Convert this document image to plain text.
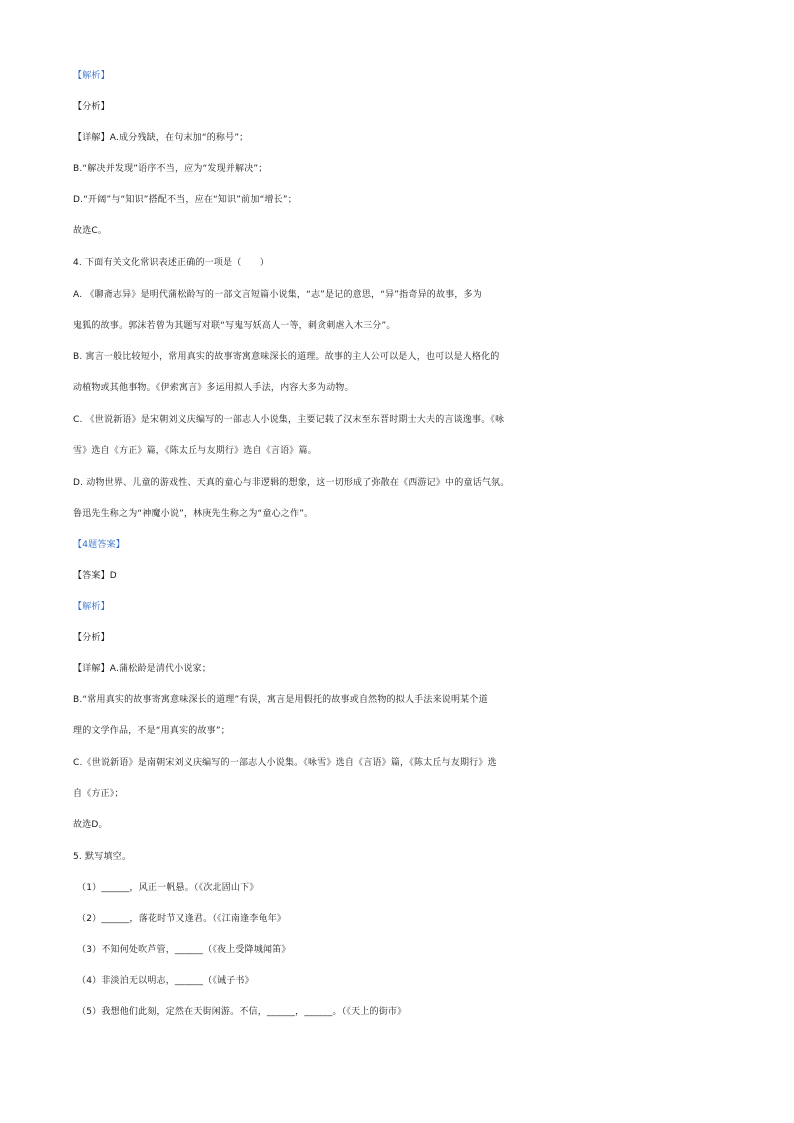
【解析】
【分析】
【详解】A.成分残缺，在句末加“的称号”；
B.“解决并发现”语序不当，应为“发现并解决”；
D.“开阔”与“知识”搭配不当，应在“知识”前加“增长”；
故选C。
4. 下面有关文化常识表述正确的一项是（　　）
A. 《聊斋志异》是明代蒲松龄写的一部文言短篇小说集，“志”是记的意思，“异”指奇异的故事，多为
鬼狐的故事。郭沫若曾为其题写对联“写鬼写妖高人一等，刺贪刺虐入木三分”。
B. 寓言一般比较短小，常用真实的故事寄寓意味深长的道理。故事的主人公可以是人，也可以是人格化的
动植物或其他事物。《伊索寓言》多运用拟人手法，内容大多为动物。
C. 《世说新语》是宋朝刘义庆编写的一部志人小说集，主要记载了汉末至东晋时期士大夫的言谈逸事。《咏
雪》选自《方正》篇，《陈太丘与友期行》选自《言语》篇。
D. 动物世界、儿童的游戏性、天真的童心与非逻辑的想象，这一切形成了弥散在《西游记》中的童话气氛。
鲁迅先生称之为“神魔小说”，林庚先生称之为“童心之作”。
【4题答案】
【答案】D
【解析】
【分析】
【详解】A.蒲松龄是清代小说家；
B.“常用真实的故事寄寓意味深长的道理”有误，寓言是用假托的故事或自然物的拟人手法来说明某个道
理的文学作品，不是“用真实的故事”；
C.《世说新语》是南朝宋刘义庆编写的一部志人小说集。《咏雪》选自《言语》篇，《陈太丘与友期行》选
自《方正》；
故选D。
5. 默写填空。
（1）______，风正一帆悬。（《次北固山下》
（2）______，落花时节又逢君。（《江南逢李龟年》
（3）不知何处吹芦管，______（《夜上受降城闻笛》
（4）非淡泊无以明志，______（《诫子书》
（5）我想他们此刻，定然在天街闲游。不信，______，______。（《天上的街市》
